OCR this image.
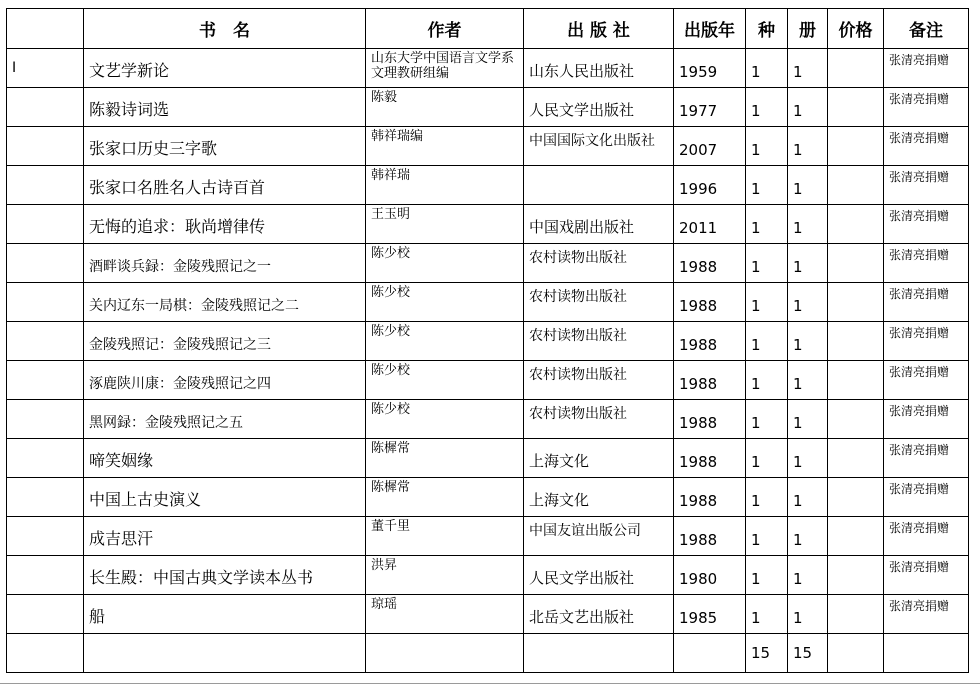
	书　名	作者	出 版 社	出版年	种	册	价格	备注
I	文艺学新论	山东大学中国语言文学系文理教研组编	山东人民出版社	1959	1	1		张清亮捐赠
	陈毅诗词选	陈毅	人民文学出版社	1977	1	1		张清亮捐赠
	张家口历史三字歌	韩祥瑞编	中国国际文化出版社	2007	1	1		张清亮捐赠
	张家口名胜名人古诗百首	韩祥瑞		1996	1	1		张清亮捐赠
	无悔的追求：耿尚增律传	王玉明	中国戏剧出版社	2011	1	1		张清亮捐赠
	酒畔谈兵録：金陵残照记之一	陈少校	农村读物出版社	1988	1	1		张清亮捐赠
	关内辽东一局棋：金陵残照记之二	陈少校	农村读物出版社	1988	1	1		张清亮捐赠
	金陵残照记：金陵残照记之三	陈少校	农村读物出版社	1988	1	1		张清亮捐赠
	涿鹿陕川康：金陵残照记之四	陈少校	农村读物出版社	1988	1	1		张清亮捐赠
	黑网録：金陵残照记之五	陈少校	农村读物出版社	1988	1	1		张清亮捐赠
	啼笑姻缘	陈樨常	上海文化	1988	1	1		张清亮捐赠
	中国上古史演义	陈樨常	上海文化	1988	1	1		张清亮捐赠
	成吉思汗	董千里	中国友谊出版公司	1988	1	1		张清亮捐赠
	长生殿：中国古典文学读本丛书	洪昇	人民文学出版社	1980	1	1		张清亮捐赠
	船	琼瑶	北岳文艺出版社	1985	1	1		张清亮捐赠
					15	15		
